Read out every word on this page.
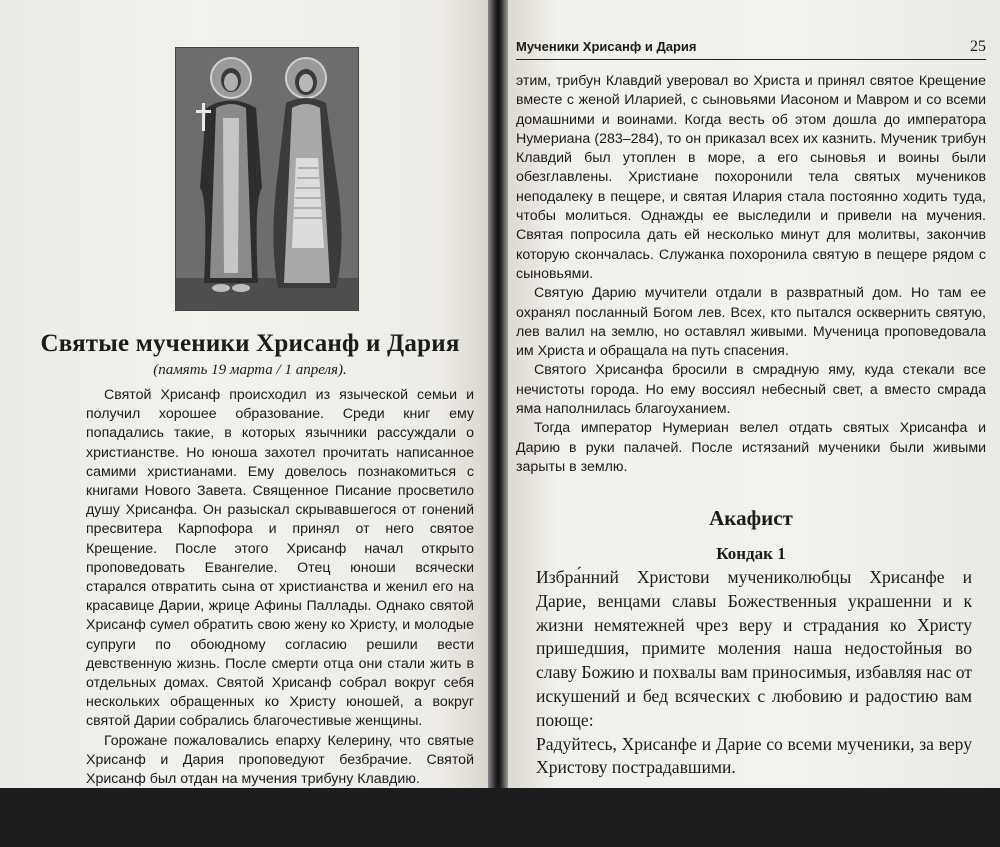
Святые мученики Хрисанф и Дария
(память 19 марта / 1 апреля).

Святой Хрисанф происходил из языческой семьи и получил хорошее образование. Среди книг ему попадались такие, в которых язычники рассуждали о христианстве. Но юноша захотел прочитать написанное самими христианами. Ему довелось познакомиться с книгами Нового Завета. Священное Писание просветило душу Хрисанфа. Он разыскал скрывавшегося от гонений пресвитера Карпофора и принял от него святое Крещение. После этого Хрисанф начал открыто проповедовать Евангелие. Отец юноши всячески старался отвратить сына от христианства и женил его на красавице Дарии, жрице Афины Паллады. Однако святой Хрисанф сумел обратить свою жену ко Христу, и молодые супруги по обоюдному согласию решили вести девственную жизнь. После смерти отца они стали жить в отдельных домах. Святой Хрисанф собрал вокруг себя нескольких обращенных ко Христу юношей, а вокруг святой Дарии собрались благочестивые женщины.

Горожане пожаловались епарху Келерину, что святые Хрисанф и Дария проповедуют безбрачие. Святой Хрисанф был отдан на мучения трибуну Клавдию.

Однако пытки не смогли поколебать мужество молодого мученика, ибо сила Божия явно помогала ему. Пораженный

Мученики Хрисанф и Дария	25

этим, трибун Клавдий уверовал во Христа и принял святое Крещение вместе с женой Иларией, с сыновьями Иасоном и Мавром и со всеми домашними и воинами. Когда весть об этом дошла до императора Нумериана (283–284), то он приказал всех их казнить. Мученик трибун Клавдий был утоплен в море, а его сыновья и воины были обезглавлены. Христиане похоронили тела святых мучеников неподалеку в пещере, и святая Илария стала постоянно ходить туда, чтобы молиться. Однажды ее выследили и привели на мучения. Святая попросила дать ей несколько минут для молитвы, закончив которую скончалась. Служанка похоронила святую в пещере рядом с сыновьями.

Святую Дарию мучители отдали в развратный дом. Но там ее охранял посланный Богом лев. Всех, кто пытался осквернить святую, лев валил на землю, но оставлял живыми. Мученица проповедовала им Христа и обращала на путь спасения.

Святого Хрисанфа бросили в смрадную яму, куда стекали все нечистоты города. Но ему воссиял небесный свет, а вместо смрада яма наполнилась благоуханием.

Тогда император Нумериан велел отдать святых Хрисанфа и Дарию в руки палачей. После истязаний мученики были живыми зарыты в землю.

Акафист
Кондак 1

Избра́нний Христови мучениколюбцы Хрисанфе и Дарие, венцами славы Божественныя украшенни и к жизни немятежней чрез веру и страдания ко Христу пришедшия, примите моления наша недостойныя во славу Божию и похвалы вам приносимыя, избавляя нас от искушений и бед всяческих с любовию и радостию вам поюще:

Радуйтесь, Хрисанфе и Дарие со всеми мученики, за веру Христову пострадавшими.
